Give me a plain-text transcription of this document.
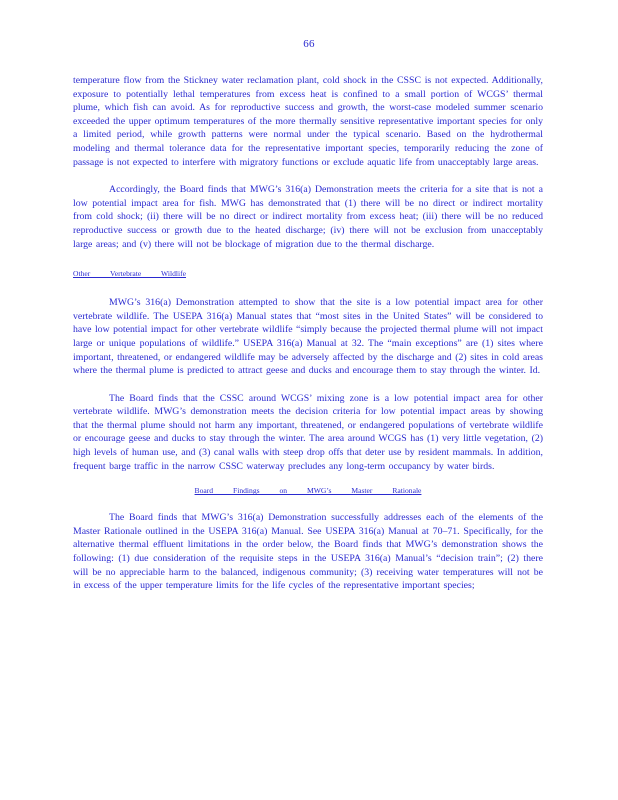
66

temperature flow from the Stickney water reclamation plant, cold shock in the CSSC is not expected. Additionally, exposure to potentially lethal temperatures from excess heat is confined to a small portion of WCGS’ thermal plume, which fish can avoid. As for reproductive success and growth, the worst-case modeled summer scenario exceeded the upper optimum temperatures of the more thermally sensitive representative important species for only a limited period, while growth patterns were normal under the typical scenario. Based on the hydrothermal modeling and thermal tolerance data for the representative important species, temporarily reducing the zone of passage is not expected to interfere with migratory functions or exclude aquatic life from unacceptably large areas.

Accordingly, the Board finds that MWG’s 316(a) Demonstration meets the criteria for a site that is not a low potential impact area for fish. MWG has demonstrated that (1) there will be no direct or indirect mortality from cold shock; (ii) there will be no direct or indirect mortality from excess heat; (iii) there will be no reduced reproductive success or growth due to the heated discharge; (iv) there will not be exclusion from unacceptably large areas; and (v) there will not be blockage of migration due to the thermal discharge.

Other Vertebrate Wildlife

MWG’s 316(a) Demonstration attempted to show that the site is a low potential impact area for other vertebrate wildlife. The USEPA 316(a) Manual states that “most sites in the United States” will be considered to have low potential impact for other vertebrate wildlife “simply because the projected thermal plume will not impact large or unique populations of wildlife.” USEPA 316(a) Manual at 32. The “main exceptions” are (1) sites where important, threatened, or endangered wildlife may be adversely affected by the discharge and (2) sites in cold areas where the thermal plume is predicted to attract geese and ducks and encourage them to stay through the winter. Id.

The Board finds that the CSSC around WCGS’ mixing zone is a low potential impact area for other vertebrate wildlife. MWG’s demonstration meets the decision criteria for low potential impact areas by showing that the thermal plume should not harm any important, threatened, or endangered populations of vertebrate wildlife or encourage geese and ducks to stay through the winter. The area around WCGS has (1) very little vegetation, (2) high levels of human use, and (3) canal walls with steep drop offs that deter use by resident mammals. In addition, frequent barge traffic in the narrow CSSC waterway precludes any long-term occupancy by water birds.

Board Findings on MWG’s Master Rationale

The Board finds that MWG’s 316(a) Demonstration successfully addresses each of the elements of the Master Rationale outlined in the USEPA 316(a) Manual. See USEPA 316(a) Manual at 70–71. Specifically, for the alternative thermal effluent limitations in the order below, the Board finds that MWG’s demonstration shows the following: (1) due consideration of the requisite steps in the USEPA 316(a) Manual’s “decision train”; (2) there will be no appreciable harm to the balanced, indigenous community; (3) receiving water temperatures will not be in excess of the upper temperature limits for the life cycles of the representative important species;
